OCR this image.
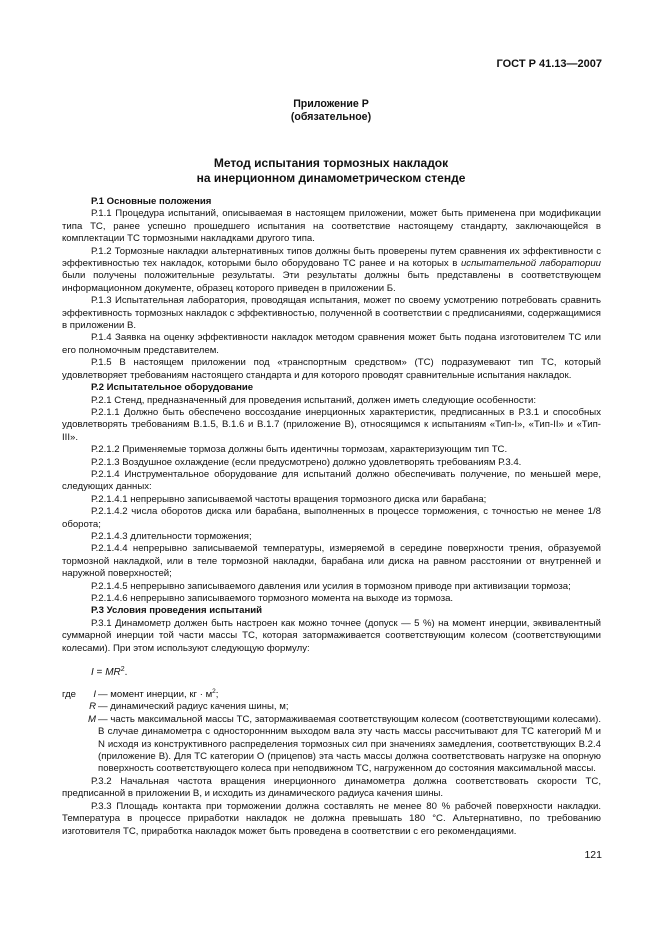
ГОСТ Р 41.13—2007
Приложение Р
(обязательное)
Метод испытания тормозных накладок
на инерционном динамометрическом стенде

Р.1 Основные положения

Р.1.1 Процедура испытаний, описываемая в настоящем приложении, может быть применена при модификации типа ТС, ранее успешно прошедшего испытания на соответствие настоящему стандарту, заключающейся в комплектации ТС тормозными накладками другого типа.

Р.1.2 Тормозные накладки альтернативных типов должны быть проверены путем сравнения их эффективности с эффективностью тех накладок, которыми было оборудовано ТС ранее и на которых в испытательной лаборатории были получены положительные результаты. Эти результаты должны быть представлены в соответствующем информационном документе, образец которого приведен в приложении Б.

Р.1.3 Испытательная лаборатория, проводящая испытания, может по своему усмотрению потребовать сравнить эффективность тормозных накладок с эффективностью, полученной в соответствии с предписаниями, содержащимися в приложении В.

Р.1.4 Заявка на оценку эффективности накладок методом сравнения может быть подана изготовителем ТС или его полномочным представителем.

Р.1.5 В настоящем приложении под «транспортным средством» (ТС) подразумевают тип ТС, который удовлетворяет требованиям настоящего стандарта и для которого проводят сравнительные испытания накладок.

Р.2 Испытательное оборудование

Р.2.1 Стенд, предназначенный для проведения испытаний, должен иметь следующие особенности:

Р.2.1.1 Должно быть обеспечено воссоздание инерционных характеристик, предписанных в Р.3.1 и способных удовлетворять требованиям В.1.5, В.1.6 и В.1.7 (приложение В), относящимся к испытаниям «Тип-I», «Тип-II» и «Тип-III».

Р.2.1.2 Применяемые тормоза должны быть идентичны тормозам, характеризующим тип ТС.

Р.2.1.3 Воздушное охлаждение (если предусмотрено) должно удовлетворять требованиям Р.3.4.

Р.2.1.4 Инструментальное оборудование для испытаний должно обеспечивать получение, по меньшей мере, следующих данных:

Р.2.1.4.1 непрерывно записываемой частоты вращения тормозного диска или барабана;

Р.2.1.4.2 числа оборотов диска или барабана, выполненных в процессе торможения, с точностью не менее 1/8 оборота;

Р.2.1.4.3 длительности торможения;

Р.2.1.4.4 непрерывно записываемой температуры, измеряемой в середине поверхности трения, образуемой тормозной накладкой, или в теле тормозной накладки, барабана или диска на равном расстоянии от внутренней и наружной поверхностей;

Р.2.1.4.5 непрерывно записываемого давления или усилия в тормозном приводе при активизации тормоза;

Р.2.1.4.6 непрерывно записываемого тормозного момента на выходе из тормоза.

Р.3 Условия проведения испытаний

Р.3.1 Динамометр должен быть настроен как можно точнее (допуск — 5 %) на момент инерции, эквивалентный суммарной инерции той части массы ТС, которая затормаживается соответствующим колесом (соответствующими колесами). При этом используют следующую формулу:

$I = MR^2$.
где	I — момент инерции, кг · $м^2$;
R — динамический радиус качения шины, м;
M — часть максимальной массы ТС, затормаживаемая соответствующим колесом (соответствующими колесами). В случае динамометра с одностороннним выходом вала эту часть массы рассчитывают для ТС категорий М и N исходя из конструктивного распределения тормозных сил при значениях замедления, соответствующих В.2.4 (приложение В). Для ТС категории О (прицепов) эта часть массы должна соответствовать нагрузке на опорную поверхность соответствующего колеса при неподвижном ТС, нагруженном до состояния максимальной массы.

Р.3.2 Начальная частота вращения инерционного динамометра должна соответствовать скорости ТС, предписанной в приложении В, и исходить из динамического радиуса качения шины.

Р.3.3 Площадь контакта при торможении должна составлять не менее 80 % рабочей поверхности накладки. Температура в процессе приработки накладок не должна превышать 180 °С. Альтернативно, по требованию изготовителя ТС, приработка накладок может быть проведена в соответствии с его рекомендациями.

121
